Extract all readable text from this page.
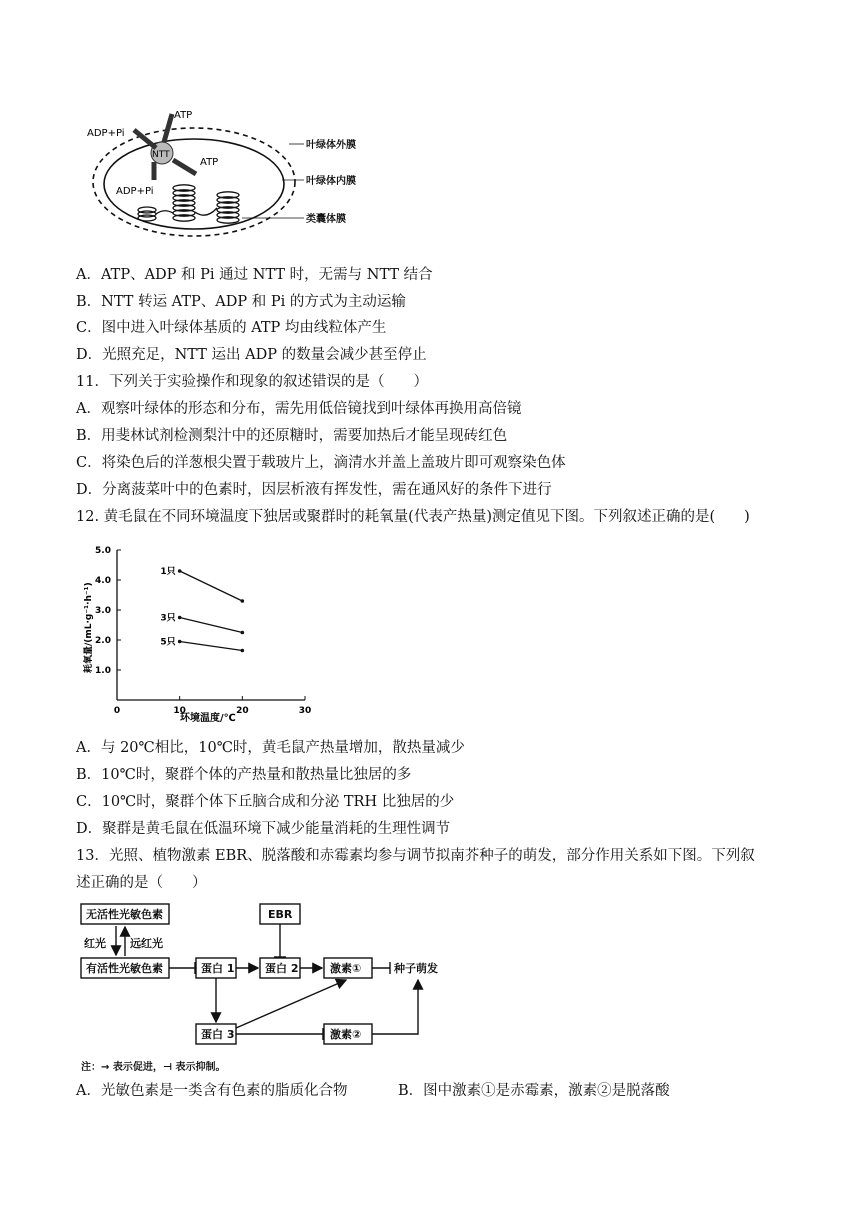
ATP
ADP+Pi
NTT
ATP
ADP+Pi
叶绿体外膜
叶绿体内膜
类囊体膜
A．ATP、ADP 和 Pi 通过 NTT 时，无需与 NTT 结合
B．NTT 转运 ATP、ADP 和 Pi 的方式为主动运输
C．图中进入叶绿体基质的 ATP 均由线粒体产生
D．光照充足，NTT 运出 ADP 的数量会减少甚至停止
11．下列关于实验操作和现象的叙述错误的是（　　）
A．观察叶绿体的形态和分布，需先用低倍镜找到叶绿体再换用高倍镜
B．用斐林试剂检测梨汁中的还原糖时，需要加热后才能呈现砖红色
C．将染色后的洋葱根尖置于载玻片上，滴清水并盖上盖玻片即可观察染色体
D．分离菠菜叶中的色素时，因层析液有挥发性，需在通风好的条件下进行
12. 黄毛鼠在不同环境温度下独居或聚群时的耗氧量(代表产热量)测定值见下图。下列叙述正确的是(　　)
0	10	20	30
1.0
2.0
3.0
4.0
5.0
1只
3只
5只
环境温度/℃
耗氧量/(mL·g⁻¹·h⁻¹)
A．与 20℃相比，10℃时，黄毛鼠产热量增加，散热量减少
B．10℃时，聚群个体的产热量和散热量比独居的多
C．10℃时，聚群个体下丘脑合成和分泌 TRH 比独居的少
D．聚群是黄毛鼠在低温环境下减少能量消耗的生理性调节
13．光照、植物激素 EBR、脱落酸和赤霉素均参与调节拟南芥种子的萌发，部分作用关系如下图。下列叙
述正确的是（　　）
无活性光敏色素
有活性光敏色素	蛋白 1	蛋白 2
EBR
激素①
蛋白 3	激素②
种子萌发
红光 远红光
注：→ 表示促进，⊣ 表示抑制。
A．光敏色素是一类含有色素的脂质化合物	B．图中激素①是赤霉素，激素②是脱落酸
